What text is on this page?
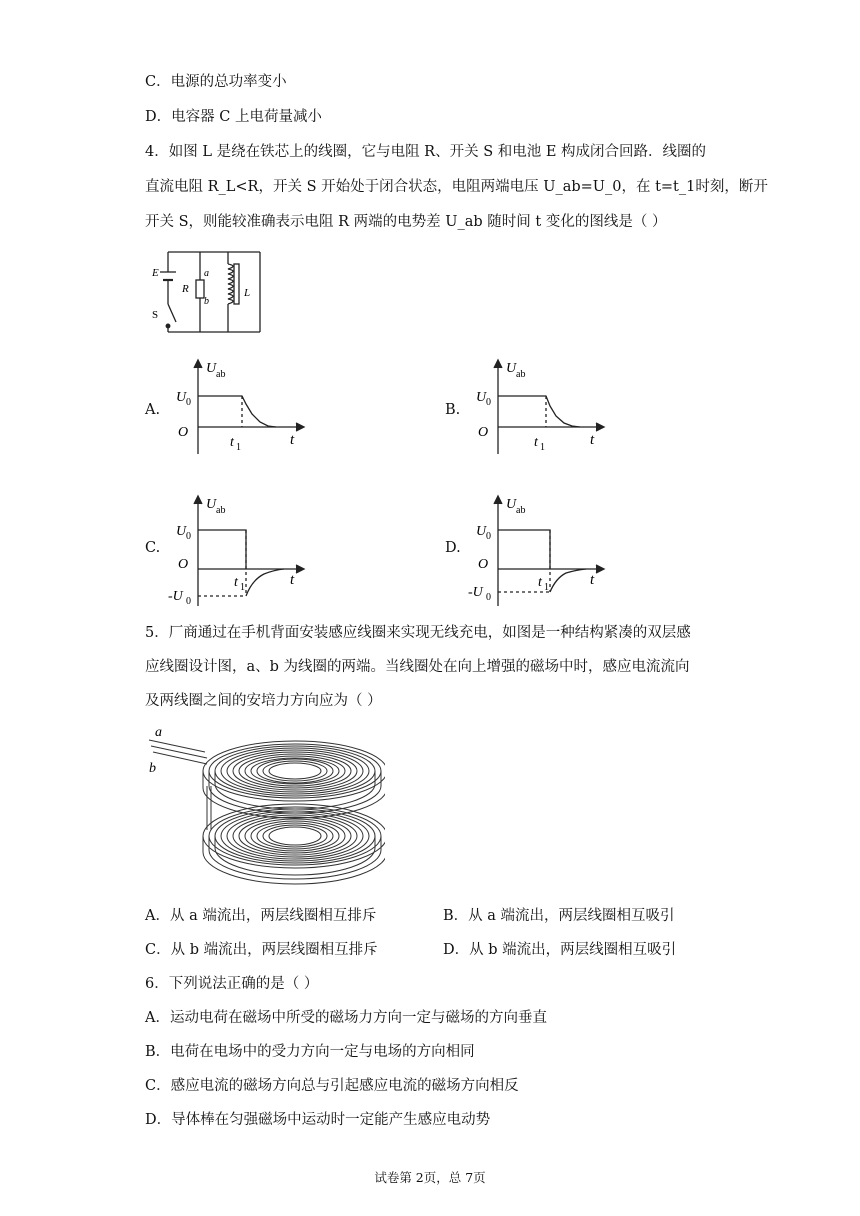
C．电源的总功率变小
D．电容器 C 上电荷量减小
4．如图 L 是绕在铁芯上的线圈，它与电阻 R、开关 S 和电池 E 构成闭合回路．线圈的
直流电阻 R_L<R，开关 S 开始处于闭合状态，电阻两端电压 U_ab=U_0，在 t=t_1时刻，断开
开关 S，则能较准确表示电阻 R 两端的电势差 U_ab 随时间 t 变化的图线是（ ）
E
S
R
a
b
L
A.
U ab
U 0
O
t 1	t
B.
U ab
U 0
O
t 1	t
C.
U ab
U 0
O
t 1	t
-U 0
D.
U ab
U 0
O
t 1	t
-U 0
5．厂商通过在手机背面安装感应线圈来实现无线充电，如图是一种结构紧凑的双层感
应线圈设计图，a、b 为线圈的两端。当线圈处在向上增强的磁场中时，感应电流流向
及两线圈之间的安培力方向应为（ ）
a
b
A．从 a 端流出，两层线圈相互排斥	B．从 a 端流出，两层线圈相互吸引
C．从 b 端流出，两层线圈相互排斥	D．从 b 端流出，两层线圈相互吸引
6．下列说法正确的是（ ）
A．运动电荷在磁场中所受的磁场力方向一定与磁场的方向垂直
B．电荷在电场中的受力方向一定与电场的方向相同
C．感应电流的磁场方向总与引起感应电流的磁场方向相反
D．导体棒在匀强磁场中运动时一定能产生感应电动势
试卷第 2页，总 7页
